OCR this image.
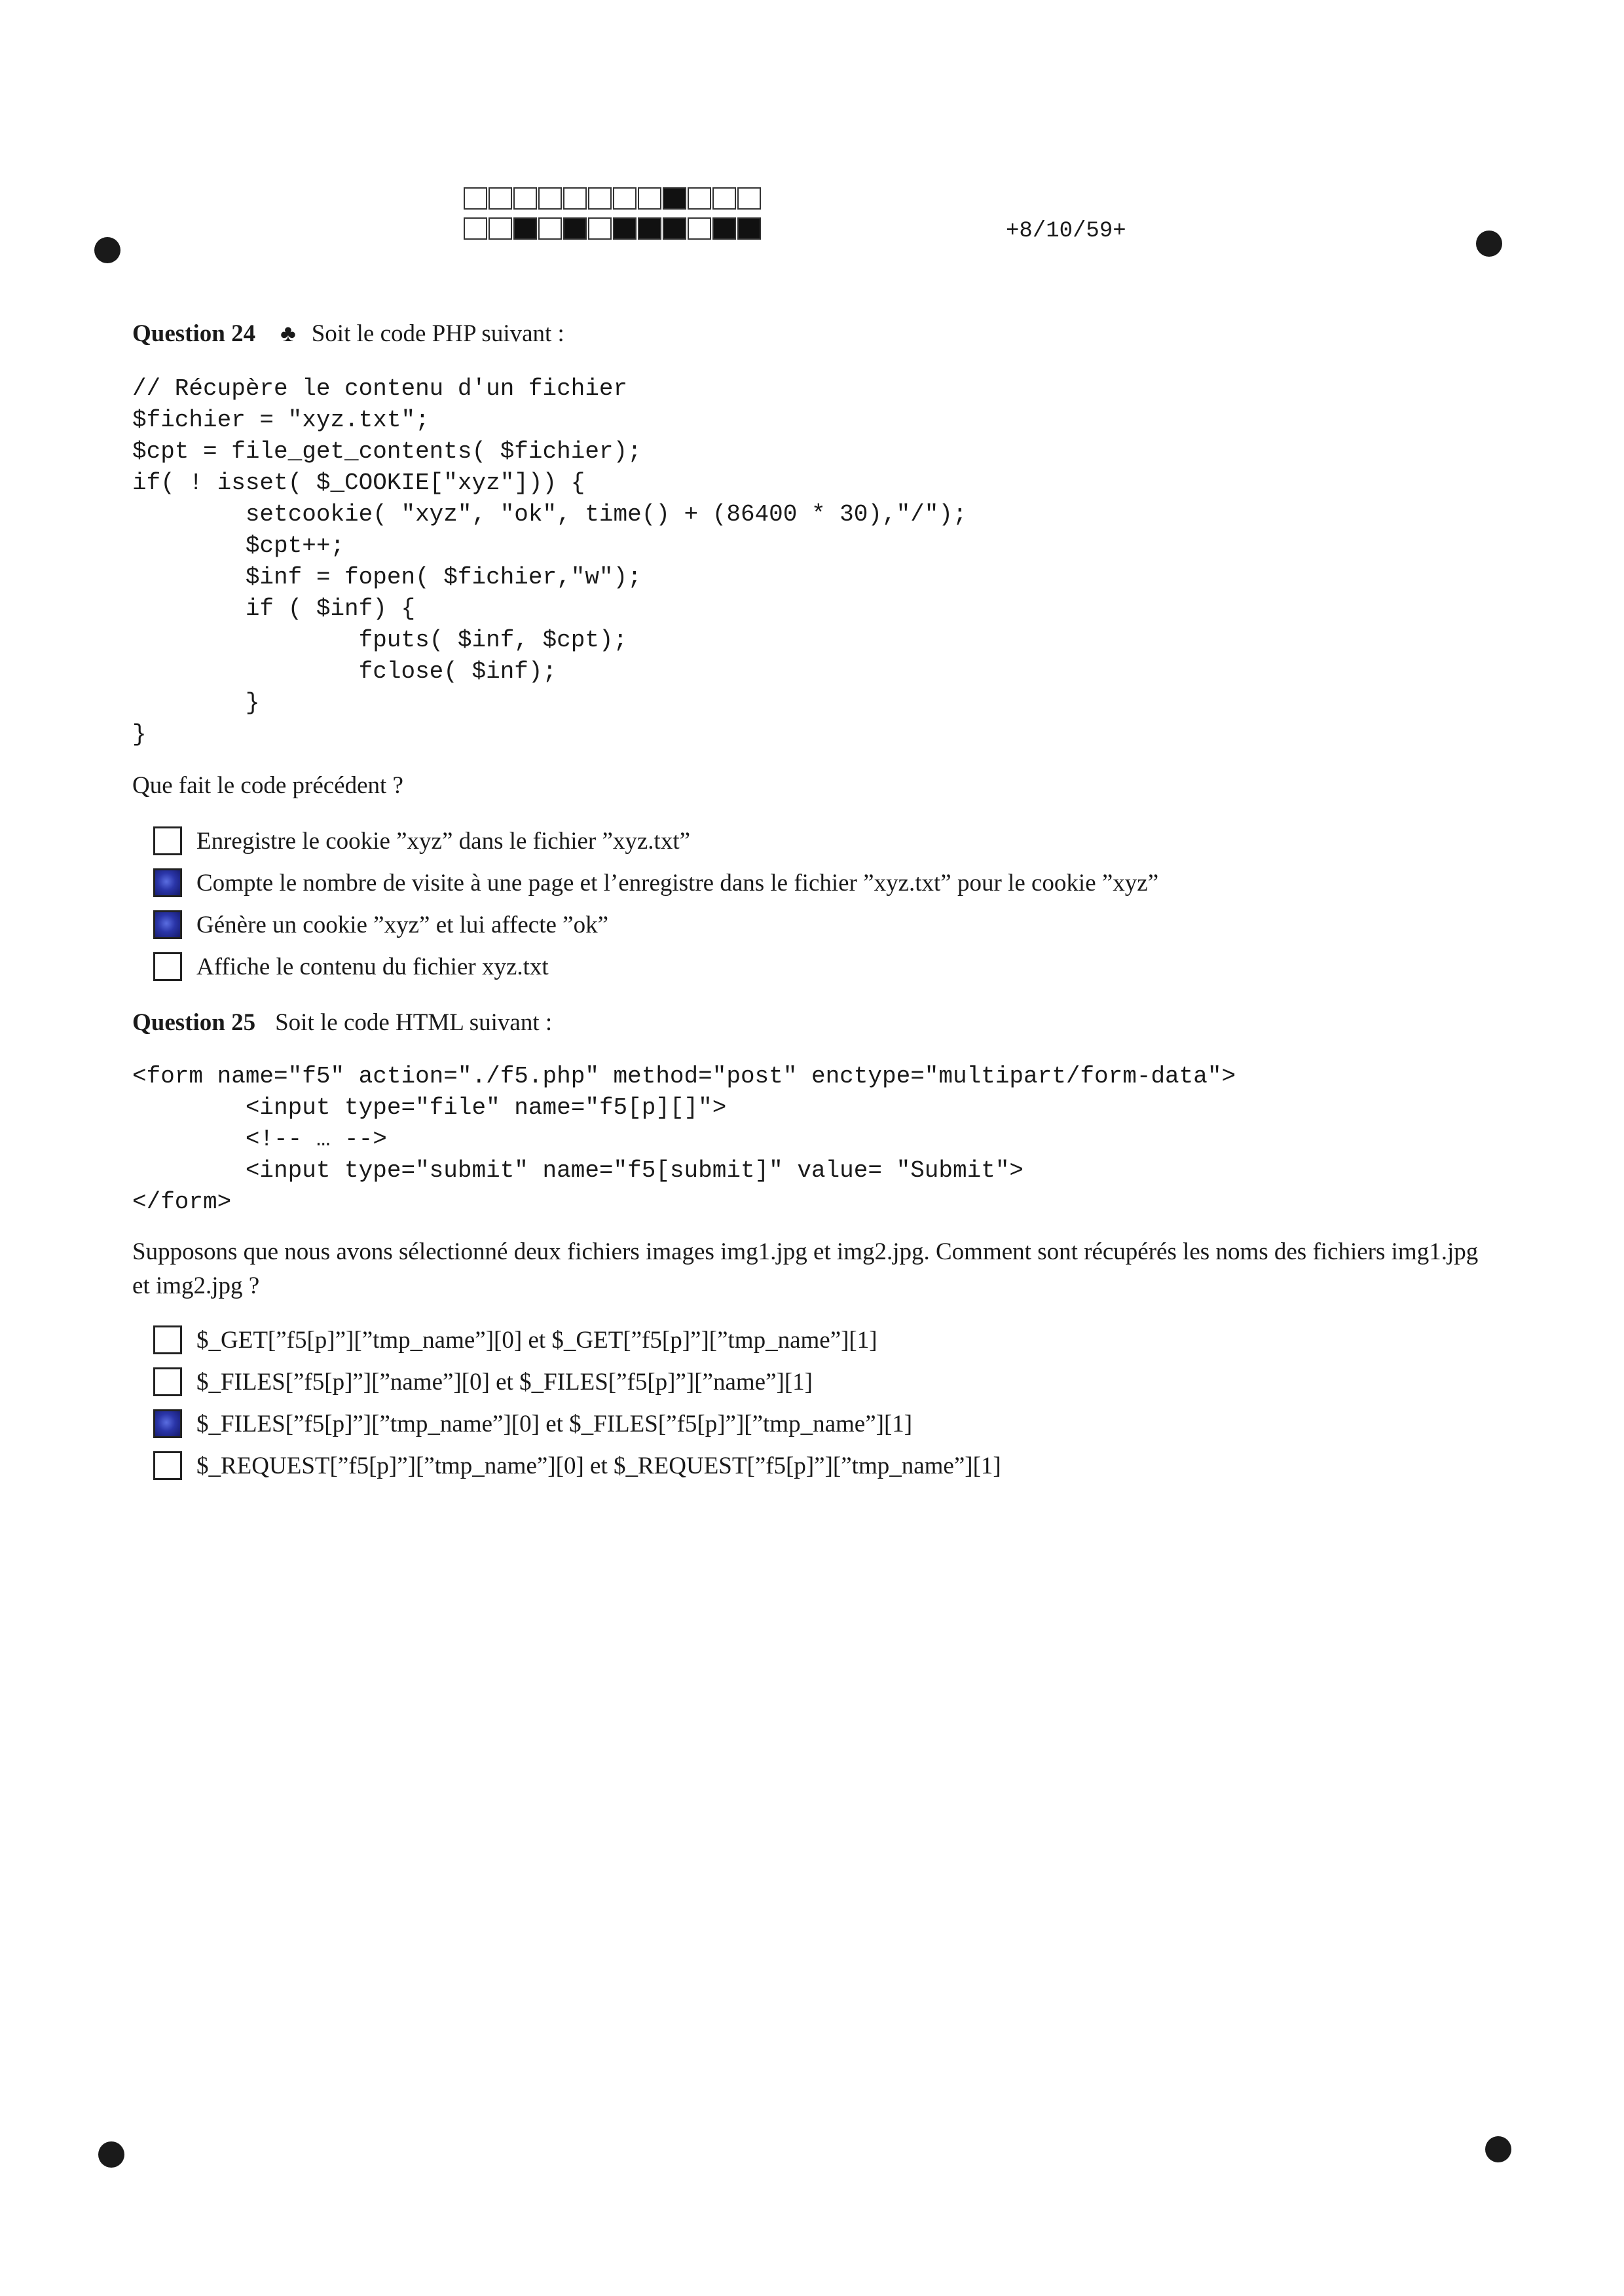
+8/10/59+
Question 24 ♣ Soit le code PHP suivant :
// Récupère le contenu d'un fichier
$fichier = "xyz.txt";
$cpt = file_get_contents( $fichier);
if( ! isset( $_COOKIE["xyz"])) {
setcookie( "xyz", "ok", time() + (86400 * 30),"/");
$cpt++;
$inf = fopen( $fichier,"w");
if ( $inf) {
fputs( $inf, $cpt);
fclose( $inf);
}
}
Que fait le code précédent ?
Enregistre le cookie ”xyz” dans le fichier ”xyz.txt”
Compte le nombre de visite à une page et l’enregistre dans le fichier ”xyz.txt” pour le cookie ”xyz”
Génère un cookie ”xyz” et lui affecte ”ok”
Affiche le contenu du fichier xyz.txt
Question 25 Soit le code HTML suivant :
<form name="f5" action="./f5.php" method="post" enctype="multipart/form-data">
<input type="file" name="f5[p][]">
<!-- … -->
<input type="submit" name="f5[submit]" value= "Submit">
</form>
Supposons que nous avons sélectionné deux fichiers images img1.jpg et img2.jpg. Comment sont récupérés les noms des fichiers img1.jpg et img2.jpg ?
$_GET[”f5[p]”][”tmp_name”][0] et $_GET[”f5[p]”][”tmp_name”][1]
$_FILES[”f5[p]”][”name”][0] et $_FILES[”f5[p]”][”name”][1]
$_FILES[”f5[p]”][”tmp_name”][0] et $_FILES[”f5[p]”][”tmp_name”][1]
$_REQUEST[”f5[p]”][”tmp_name”][0] et $_REQUEST[”f5[p]”][”tmp_name”][1]
